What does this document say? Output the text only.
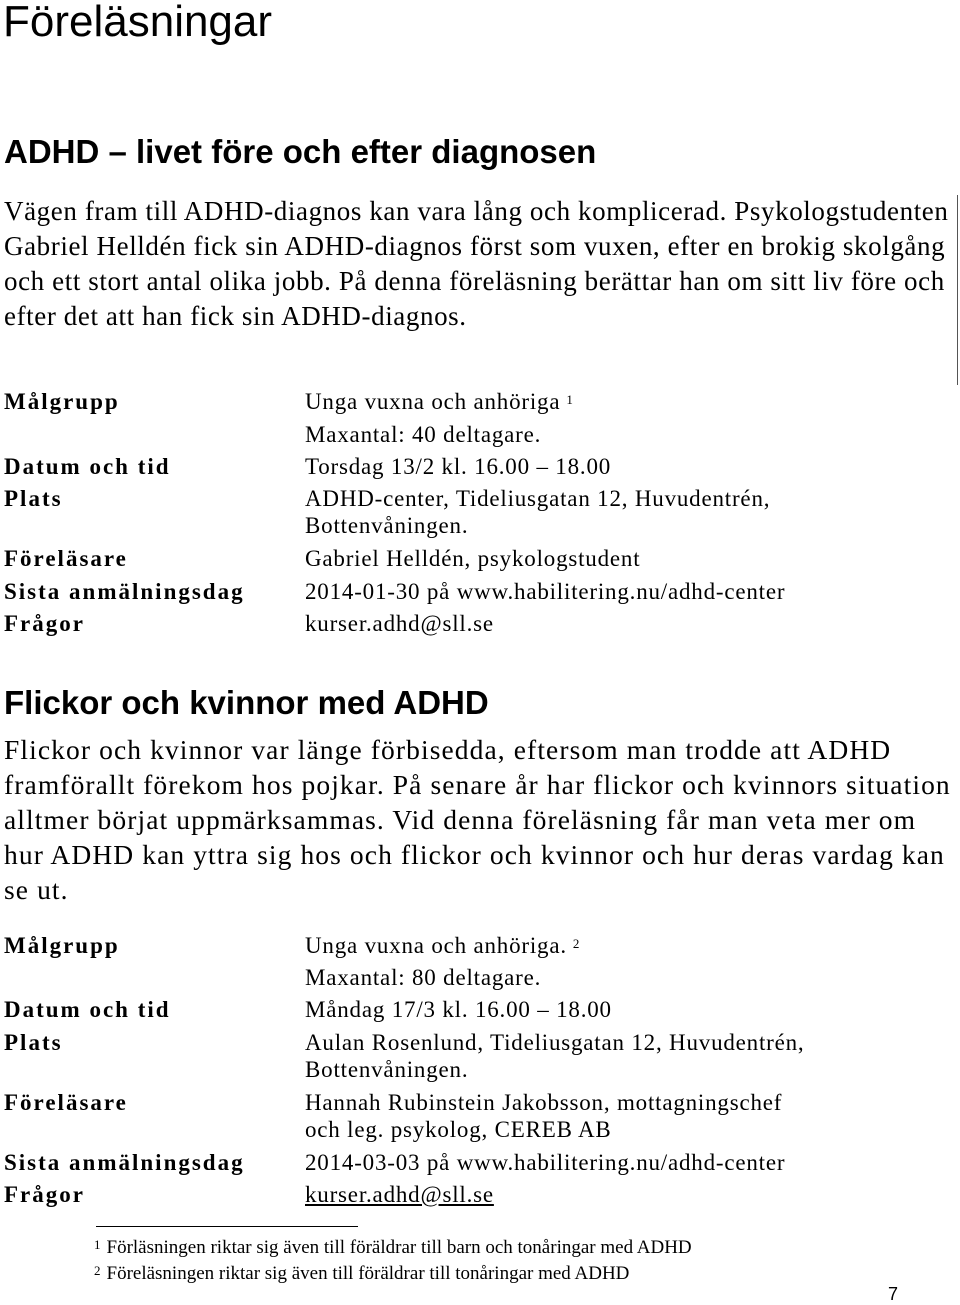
Föreläsningar
ADHD – livet före och efter diagnosen

Vägen fram till ADHD-diagnos kan vara lång och komplicerad. Psykologstudenten Gabriel Helldén fick sin ADHD-diagnos först som vuxen, efter en brokig skolgång och ett stort antal olika jobb. På denna föreläsning berättar han om sitt liv före och efter det att han fick sin ADHD-diagnos.

Målgrupp	Unga vuxna och anhöriga $^1$
Maxantal: 40 deltagare.
Datum och tid	Torsdag 13/2 kl. 16.00 – 18.00
Plats	ADHD-center, Tideliusgatan 12, Huvudentrén,
Bottenvåningen.
Föreläsare	Gabriel Helldén, psykologstudent
Sista anmälningsdag	2014-01-30 på www.habilitering.nu/adhd-center
Frågor	kurser.adhd@sll.se
Flickor och kvinnor med ADHD

Flickor och kvinnor var länge förbisedda, eftersom man trodde att ADHD framförallt förekom hos pojkar. På senare år har flickor och kvinnors situation alltmer börjat uppmärksammas. Vid denna föreläsning får man veta mer om hur ADHD kan yttra sig hos och flickor och kvinnor och hur deras vardag kan se ut.

Målgrupp	Unga vuxna och anhöriga. $^2$
Maxantal: 80 deltagare.
Datum och tid	Måndag 17/3 kl. 16.00 – 18.00
Plats	Aulan Rosenlund, Tideliusgatan 12, Huvudentrén,
Bottenvåningen.
Föreläsare	Hannah Rubinstein Jakobsson, mottagningschef
och leg. psykolog, CEREB AB
Sista anmälningsdag	2014-03-03 på www.habilitering.nu/adhd-center
Frågor	kurser.adhd@sll.se
$^1$ Förläsningen riktar sig även till föräldrar till barn och tonåringar med ADHD
$^2$ Föreläsningen riktar sig även till föräldrar till tonåringar med ADHD
7
